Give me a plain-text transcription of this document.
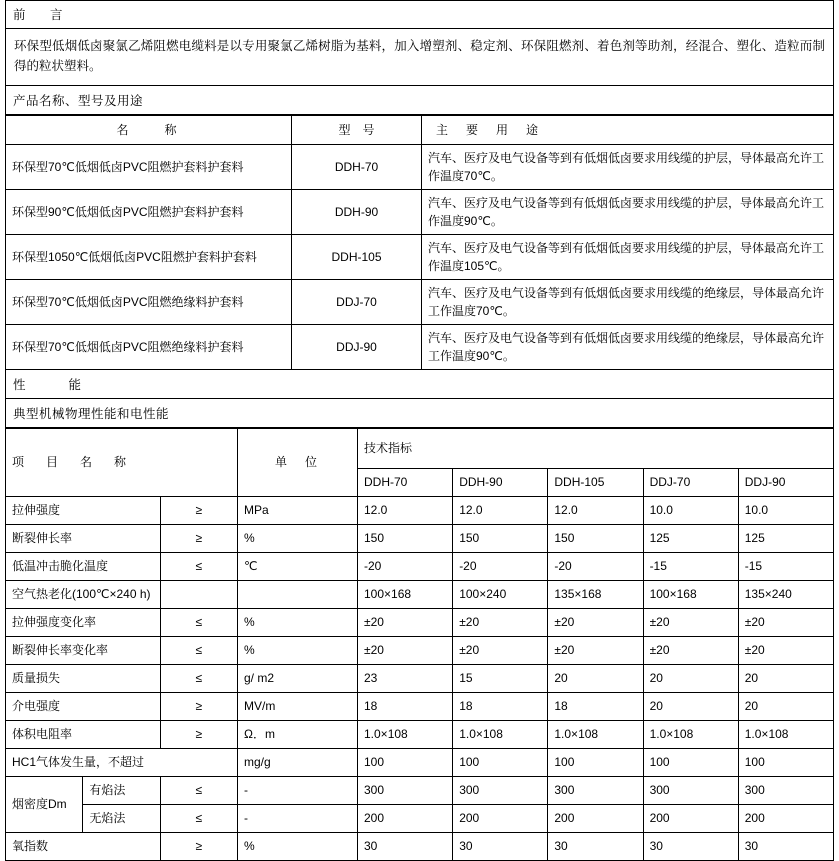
前　言
环保型低烟低卤聚氯乙烯阻燃电缆料是以专用聚氯乙烯树脂为基料，加入增塑剂、稳定剂、环保阻燃剂、着色剂等助剂，经混合、塑化、造粒而制得的粒状塑料。
产品名称、型号及用途
名　　称	型　号	主　要　用　途
环保型70℃低烟低卤PVC阻燃护套料护套料	DDH-70	汽车、医疗及电气设备等到有低烟低卤要求用线缆的护层，导体最高允许工作温度70℃。
环保型90℃低烟低卤PVC阻燃护套料护套料	DDH-90	汽车、医疗及电气设备等到有低烟低卤要求用线缆的护层，导体最高允许工作温度90℃。
环保型1050℃低烟低卤PVC阻燃护套料护套料	DDH-105	汽车、医疗及电气设备等到有低烟低卤要求用线缆的护层，导体最高允许工作温度105℃。
环保型70℃低烟低卤PVC阻燃绝缘料护套料	DDJ-70	汽车、医疗及电气设备等到有低烟低卤要求用线缆的绝缘层，导体最高允许工作温度70℃。
环保型70℃低烟低卤PVC阻燃绝缘料护套料	DDJ-90	汽车、医疗及电气设备等到有低烟低卤要求用线缆的绝缘层，导体最高允许工作温度90℃。
性　　能
典型机械物理性能和电性能
项　目　名　称			单　位	技术指标				
				DDH-70	DDH-90	DDH-105	DDJ-70	DDJ-90
拉伸强度		≥	MPa	12.0	12.0	12.0	10.0	10.0
断裂伸长率		≥	%	150	150	150	125	125
低温冲击脆化温度		≤	℃	-20	-20	-20	-15	-15
空气热老化(100℃×240 h)				100×168	100×240	135×168	100×168	135×240
拉伸强度变化率		≤	%	±20	±20	±20	±20	±20
断裂伸长率变化率		≤	%	±20	±20	±20	±20	±20
质量损失		≤	g/ m2	23	15	20	20	20
介电强度		≥	MV/m	18	18	18	20	20
体积电阻率		≥	Ω．m	1.0×108	1.0×108	1.0×108	1.0×108	1.0×108
HC1气体发生量，不超过			mg/g	100	100	100	100	100
烟密度Dm	有焰法	≤	-	300	300	300	300	300
	无焰法	≤	-	200	200	200	200	200
氧指数		≥	%	30	30	30	30	30
